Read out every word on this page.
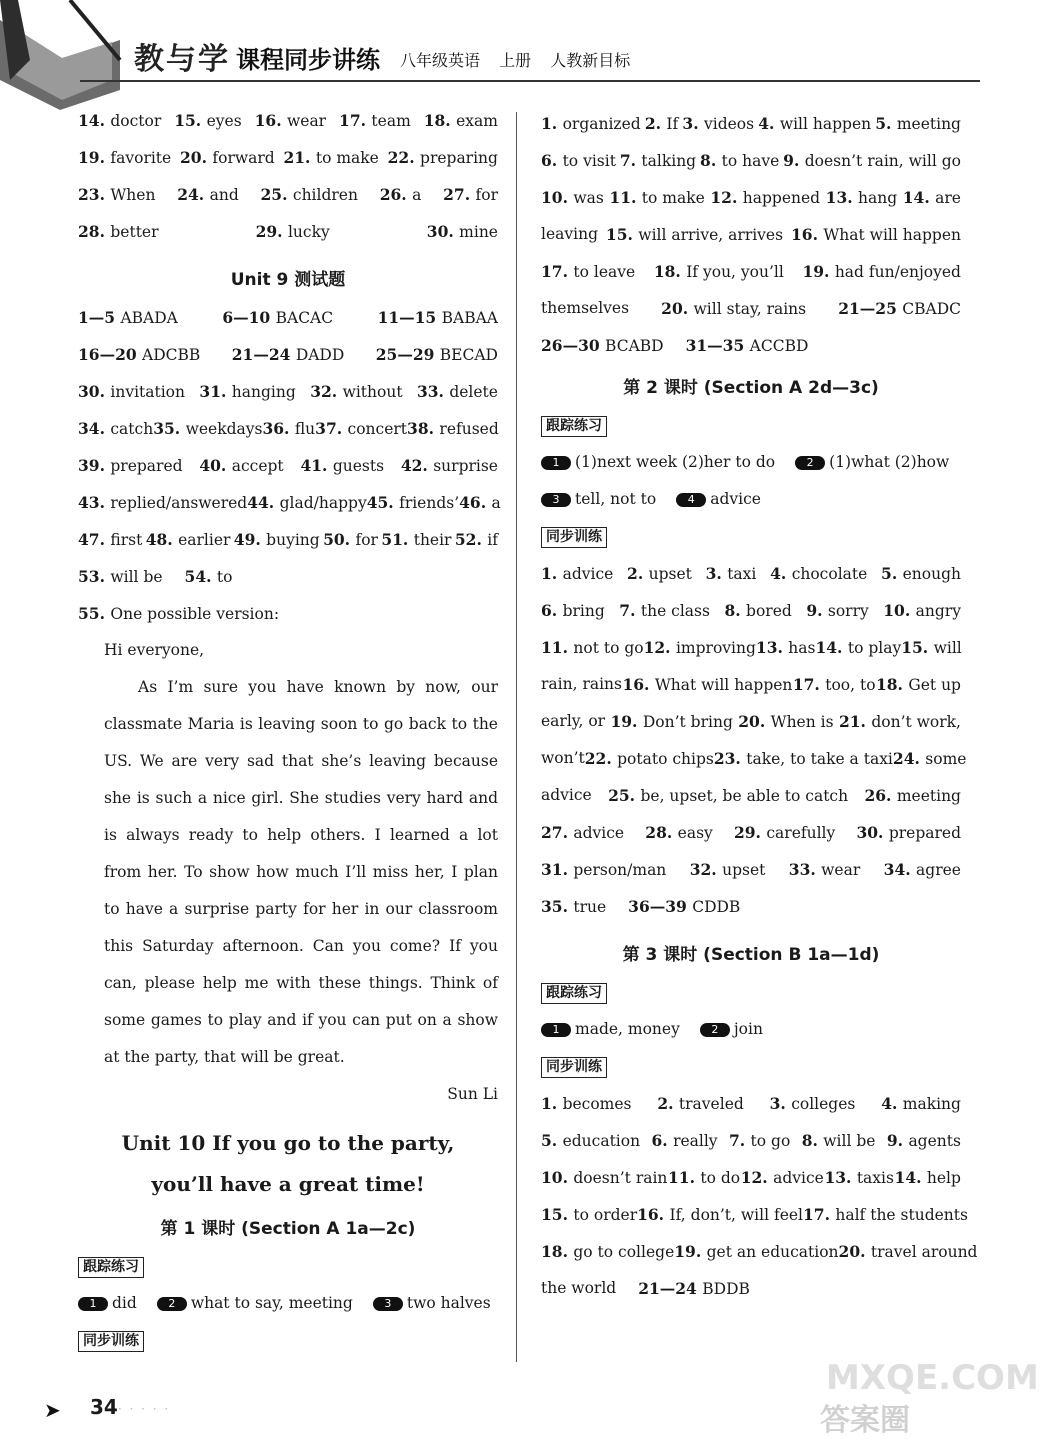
教与学 课程同步讲练 八年级英语 上册 人教新目标
14. doctor 15. eyes 16. wear 17. team 18. exam
19. favorite 20. forward 21. to make 22. preparing
23. When 24. and 25. children 26. a 27. for
28. better	29. lucky	30. mine
Unit 9 测试题
1—5 ABADA	6—10 BACAC	11—15 BABAA
16—20 ADCBB 21—24 DADD 25—29 BECAD
30. invitation 31. hanging 32. without 33. delete
34. catch 35. weekdays 36. flu 37. concert 38. refused
39. prepared 40. accept 41. guests 42. surprise
43. replied/answered 44. glad/happy 45. friends’ 46. a
47. first 48. earlier 49. buying 50. for 51. their 52. if
53. will be 54. to
55. One possible version:
Hi everyone,
As I’m sure you have known by now, our classmate Maria is leaving soon to go back to the US. We are very sad that she’s leaving because she is such a nice girl. She studies very hard and is always ready to help others. I learned a lot from her. To show how much I’ll miss her, I plan to have a surprise party for her in our classroom this Saturday afternoon. Can you come? If you can, please help me with these things. Think of some games to play and if you can put on a show at the party, that will be great.
Sun Li
Unit 10 If you go to the party,
you’ll have a great time!
第 1 课时 (Section A 1a—2c)
跟踪练习
1 did	2 what to say, meeting	3 two halves
同步训练
1. organized 2. If 3. videos 4. will happen 5. meeting
6. to visit 7. talking 8. to have 9. doesn’t rain, will go
10. was 11. to make 12. happened 13. hang 14. are
leaving 15. will arrive, arrives 16. What will happen
17. to leave 18. If you, you’ll 19. had fun/enjoyed
themselves 20. will stay, rains 21—25 CBADC
26—30 BCABD 31—35 ACCBD
第 2 课时 (Section A 2d—3c)
跟踪练习
1 (1)next week (2)her to do	2 (1)what (2)how
3 tell, not to	4 advice
同步训练
1. advice 2. upset 3. taxi 4. chocolate 5. enough
6. bring 7. the class 8. bored 9. sorry 10. angry
11. not to go 12. improving 13. has 14. to play 15. will
rain, rains 16. What will happen 17. too, to 18. Get up
early, or 19. Don’t bring 20. When is 21. don’t work,
won’t 22. potato chips 23. take, to take a taxi 24. some
advice 25. be, upset, be able to catch 26. meeting
27. advice 28. easy 29. carefully 30. prepared
31. person/man 32. upset 33. wear 34. agree
35. true 36—39 CDDB
第 3 课时 (Section B 1a—1d)
跟踪练习
1 made, money	2 join
同步训练
1. becomes 2. traveled 3. colleges 4. making
5. education 6. really 7. to go 8. will be 9. agents
10. doesn’t rain 11. to do 12. advice 13. taxis 14. help
15. to order 16. If, don’t, will feel 17. half the students
18. go to college 19. get an education 20. travel around
the world 21—24 BDDB
➤ 34 · · · · ·
MXQE.COM
答案圈
